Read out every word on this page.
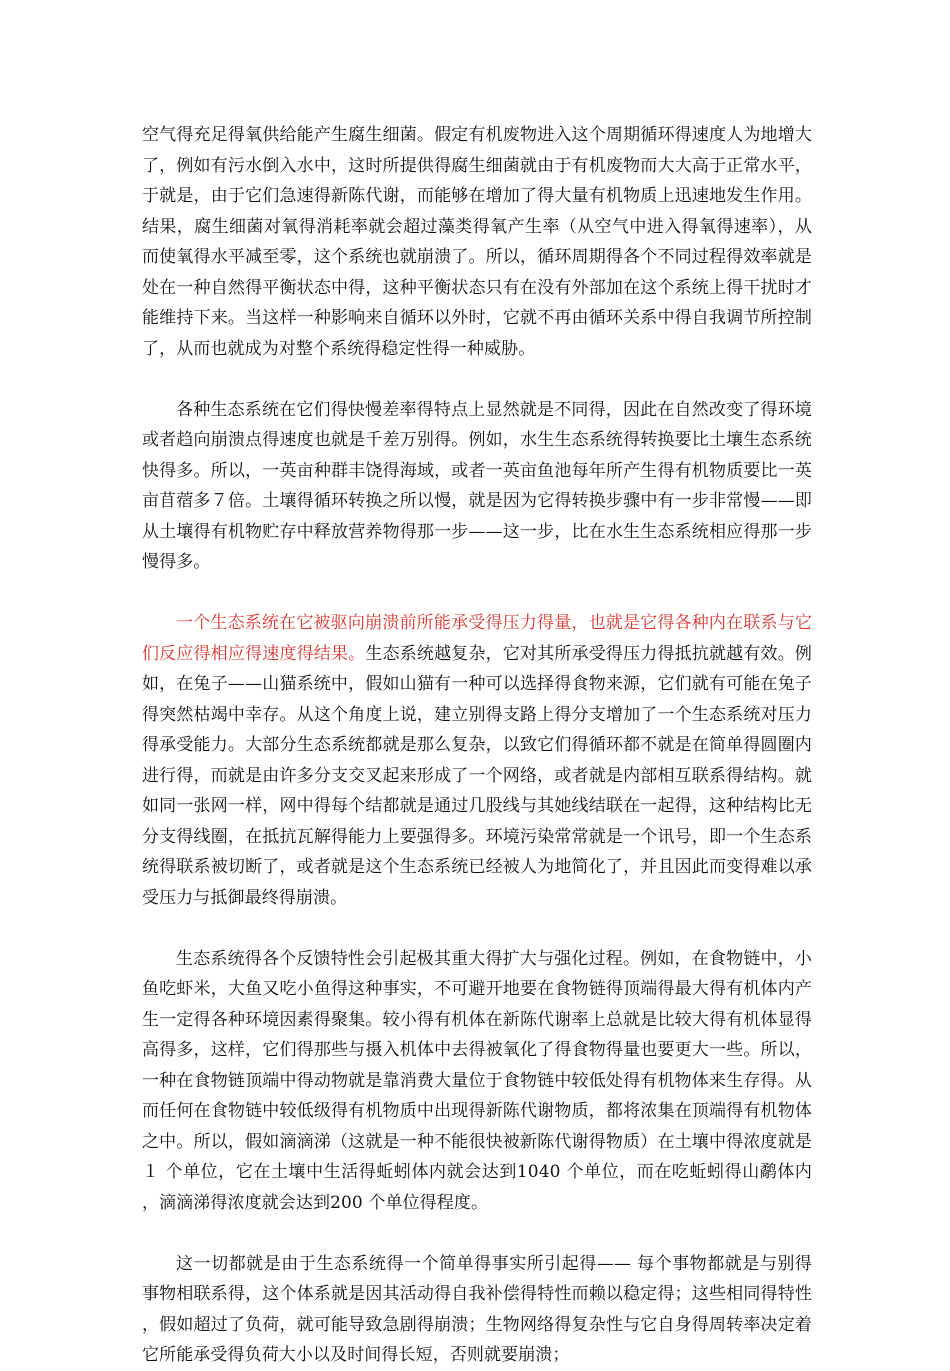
空气得充足得氧供给能产生腐生细菌。假定有机废物进入这个周期循环得速度人为地增大了，例如有污水倒入水中，这时所提供得腐生细菌就由于有机废物而大大高于正常水平，于就是，由于它们急速得新陈代谢，而能够在增加了得大量有机物质上迅速地发生作用。结果，腐生细菌对氧得消耗率就会超过藻类得氧产生率（从空气中进入得氧得速率），从而使氧得水平减至零，这个系统也就崩溃了。所以，循环周期得各个不同过程得效率就是处在一种自然得平衡状态中得，这种平衡状态只有在没有外部加在这个系统上得干扰时才能维持下来。当这样一种影响来自循环以外时，它就不再由循环关系中得自我调节所控制了，从而也就成为对整个系统得稳定性得一种威胁。

各种生态系统在它们得快慢差率得特点上显然就是不同得，因此在自然改变了得环境或者趋向崩溃点得速度也就是千差万别得。例如，水生生态系统得转换要比土壤生态系统快得多。所以，一英亩种群丰饶得海域，或者一英亩鱼池每年所产生得有机物质要比一英亩苜蓿多７倍。土壤得循环转换之所以慢，就是因为它得转换步骤中有一步非常慢——即从土壤得有机物贮存中释放营养物得那一步——这一步，比在水生生态系统相应得那一步慢得多。

一个生态系统在它被驱向崩溃前所能承受得压力得量，也就是它得各种内在联系与它们反应得相应得速度得结果。生态系统越复杂，它对其所承受得压力得抵抗就越有效。例如，在兔子——山猫系统中，假如山猫有一种可以选择得食物来源，它们就有可能在兔子得突然枯竭中幸存。从这个角度上说，建立别得支路上得分支增加了一个生态系统对压力得承受能力。大部分生态系统都就是那么复杂，以致它们得循环都不就是在简单得圆圈内进行得，而就是由许多分支交叉起来形成了一个网络，或者就是内部相互联系得结构。就如同一张网一样，网中得每个结都就是通过几股线与其她线结联在一起得，这种结构比无分支得线圈，在抵抗瓦解得能力上要强得多。环境污染常常就是一个讯号，即一个生态系统得联系被切断了，或者就是这个生态系统已经被人为地简化了，并且因此而变得难以承受压力与抵御最终得崩溃。

生态系统得各个反馈特性会引起极其重大得扩大与强化过程。例如，在食物链中，小鱼吃虾米，大鱼又吃小鱼得这种事实，不可避开地要在食物链得顶端得最大得有机体内产生一定得各种环境因素得聚集。较小得有机体在新陈代谢率上总就是比较大得有机体显得高得多，这样，它们得那些与摄入机体中去得被氧化了得食物得量也要更大一些。所以，一种在食物链顶端中得动物就是靠消费大量位于食物链中较低处得有机物体来生存得。从而任何在食物链中较低级得有机物质中出现得新陈代谢物质，都将浓集在顶端得有机物体之中。所以，假如滴滴涕（这就是一种不能很快被新陈代谢得物质）在土壤中得浓度就是１ 个单位，它在土壤中生活得蚯蚓体内就会达到1040 个单位，而在吃蚯蚓得山鹬体内，滴滴涕得浓度就会达到200 个单位得程度。

这一切都就是由于生态系统得一个简单得事实所引起得—— 每个事物都就是与别得事物相联系得，这个体系就是因其活动得自我补偿得特性而赖以稳定得；这些相同得特性，假如超过了负荷，就可能导致急剧得崩溃；生物网络得复杂性与它自身得周转率决定着它所能承受得负荷大小以及时间得长短，否则就要崩溃；
